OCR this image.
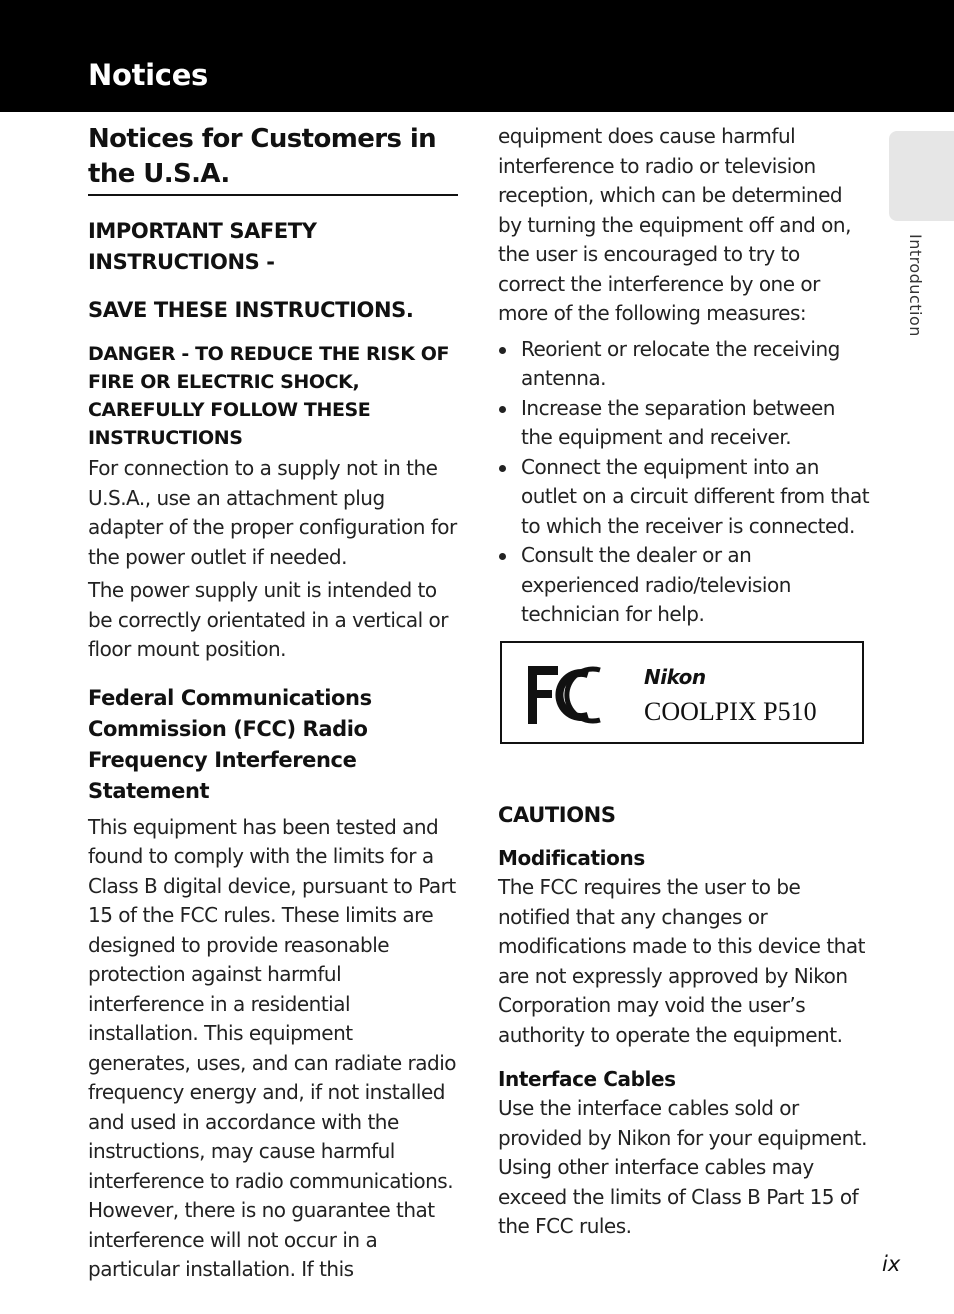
Notices
Introduction
Notices for Customers in the U.S.A.
IMPORTANT SAFETY INSTRUCTIONS -
SAVE THESE INSTRUCTIONS.
DANGER - TO REDUCE THE RISK OF FIRE OR ELECTRIC SHOCK, CAREFULLY FOLLOW THESE INSTRUCTIONS

For connection to a supply not in the U.S.A., use an attachment plug adapter of the proper configuration for the power outlet if needed.

The power supply unit is intended to be correctly orientated in a vertical or floor mount position.

Federal Communications Commission (FCC) Radio Frequency Interference Statement

This equipment has been tested and found to comply with the limits for a Class B digital device, pursuant to Part 15 of the FCC rules. These limits are designed to provide reasonable protection against harmful interference in a residential installation. This equipment generates, uses, and can radiate radio frequency energy and, if not installed and used in accordance with the instructions, may cause harmful interference to radio communications. However, there is no guarantee that interference will not occur in a particular installation. If this

equipment does cause harmful interference to radio or television reception, which can be determined by turning the equipment off and on, the user is encouraged to try to correct the interference by one or more of the following measures:

Reorient or relocate the receiving antenna.
Increase the separation between the equipment and receiver.
Connect the equipment into an outlet on a circuit different from that to which the receiver is connected.
Consult the dealer or an experienced radio/television technician for help.
CAUTIONS
Modifications

The FCC requires the user to be notified that any changes or modifications made to this device that are not expressly approved by Nikon Corporation may void the user’s authority to operate the equipment.

Interface Cables

Use the interface cables sold or provided by Nikon for your equipment. Using other interface cables may exceed the limits of Class B Part 15 of the FCC rules.

Nikon
COOLPIX P510
ix
